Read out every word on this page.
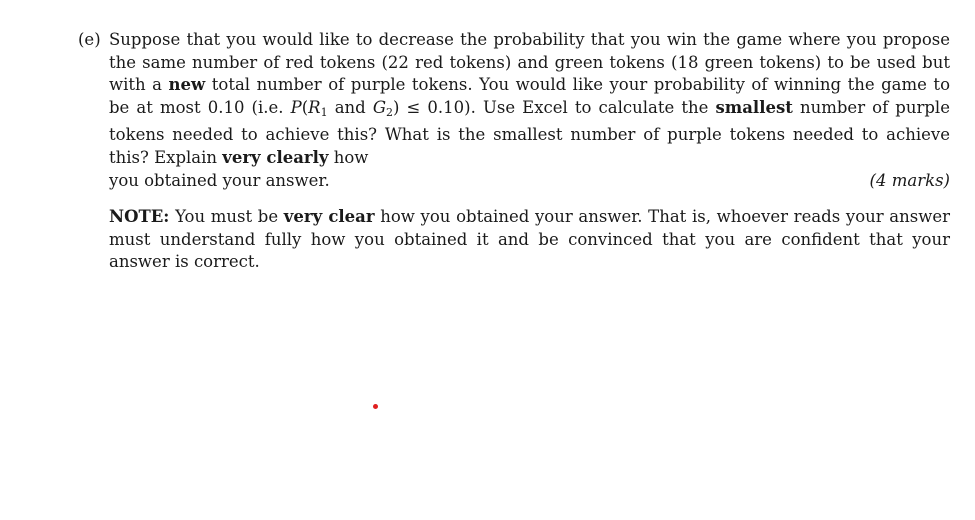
(e) Suppose that you would like to decrease the probability that you win the game where you propose the same number of red tokens (22 red tokens) and green tokens (18 green tokens) to be used but with a new total number of purple tokens. You would like your probability of winning the game to be at most 0.10 (i.e. $P(R_1$ and $G_2) \le 0.10$). Use Excel to calculate the smallest number of purple tokens needed to achieve this? What is the smallest number of purple tokens needed to achieve this? Explain very clearly how
you obtained your answer.	(4 marks)
NOTE: You must be very clear how you obtained your answer. That is, whoever reads your answer must understand fully how you obtained it and be convinced that you are confident that your answer is correct.
